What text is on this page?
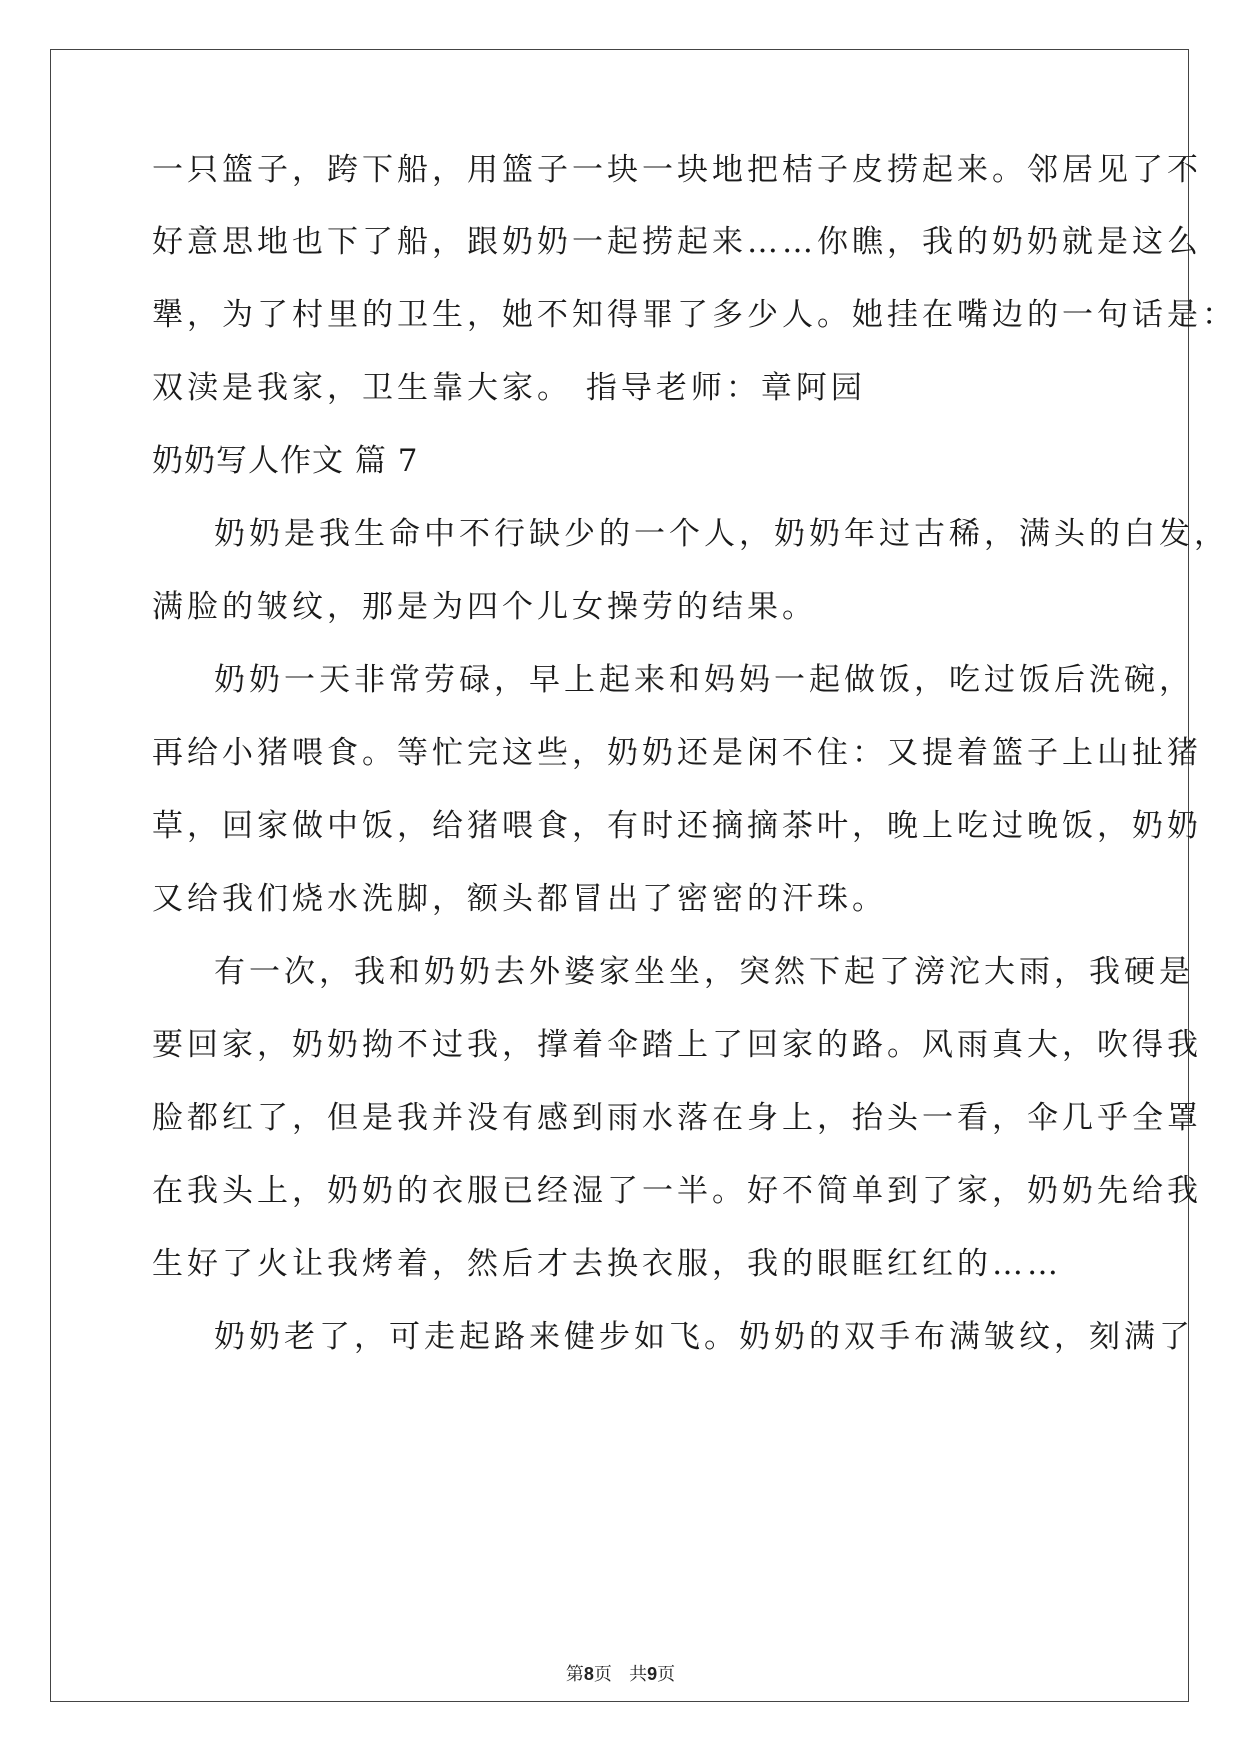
一只篮子，跨下船，用篮子一块一块地把桔子皮捞起来。邻居见了不
好意思地也下了船，跟奶奶一起捞起来……你瞧，我的奶奶就是这么
犟，为了村里的卫生，她不知得罪了多少人。她挂在嘴边的一句话是：
双渎是我家，卫生靠大家。 指导老师：章阿园
奶奶写人作文 篇 7
奶奶是我生命中不行缺少的一个人，奶奶年过古稀，满头的白发，
满脸的皱纹，那是为四个儿女操劳的结果。
奶奶一天非常劳碌，早上起来和妈妈一起做饭，吃过饭后洗碗，
再给小猪喂食。等忙完这些，奶奶还是闲不住：又提着篮子上山扯猪
草，回家做中饭，给猪喂食，有时还摘摘茶叶，晚上吃过晚饭，奶奶
又给我们烧水洗脚，额头都冒出了密密的汗珠。
有一次，我和奶奶去外婆家坐坐，突然下起了滂沱大雨，我硬是
要回家，奶奶拗不过我，撑着伞踏上了回家的路。风雨真大，吹得我
脸都红了，但是我并没有感到雨水落在身上，抬头一看，伞几乎全罩
在我头上，奶奶的衣服已经湿了一半。好不简单到了家，奶奶先给我
生好了火让我烤着，然后才去换衣服，我的眼眶红红的……
奶奶老了，可走起路来健步如飞。奶奶的双手布满皱纹，刻满了
第8页   共9页
